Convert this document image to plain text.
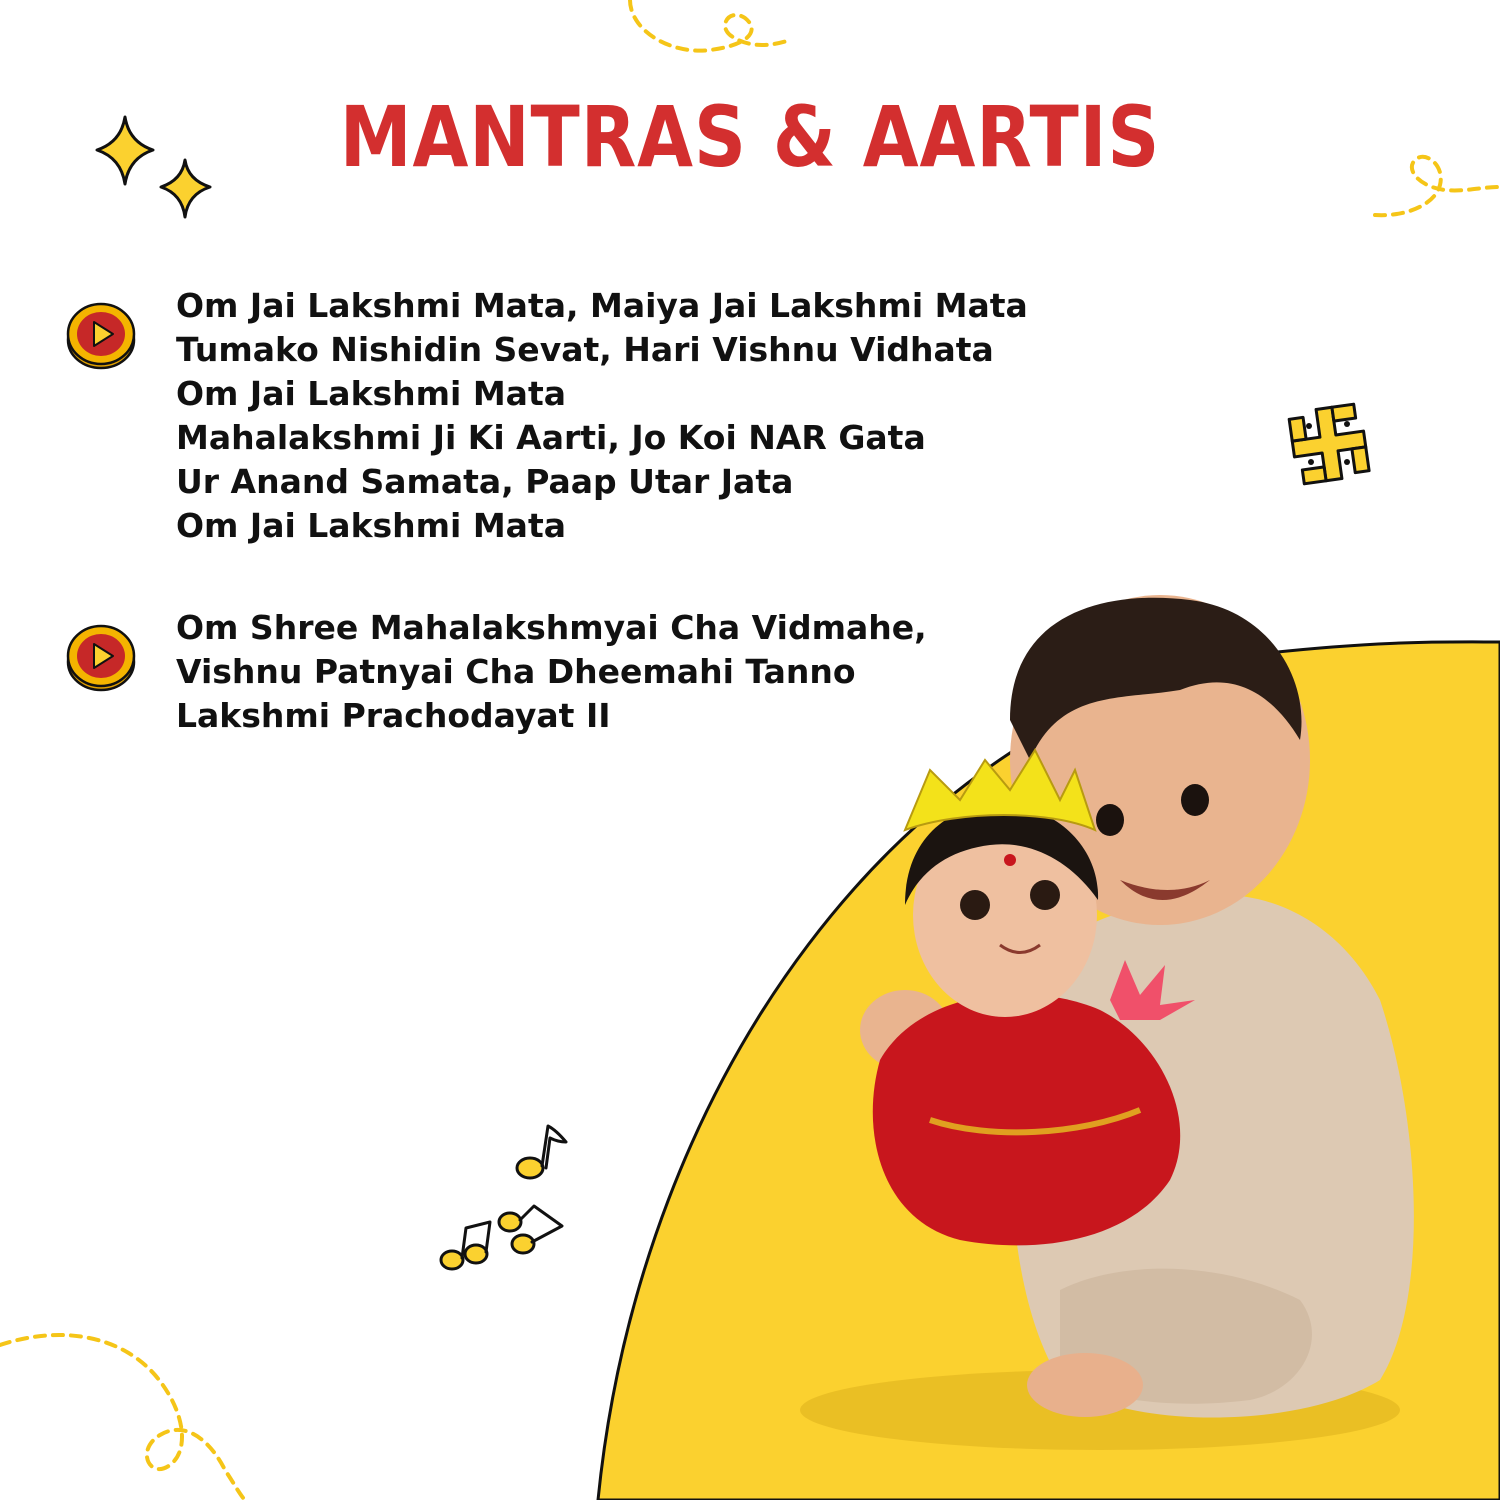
MANTRAS & AARTIS
Om Jai Lakshmi Mata, Maiya Jai Lakshmi Mata
Tumako Nishidin Sevat, Hari Vishnu Vidhata
Om Jai Lakshmi Mata
Mahalakshmi Ji Ki Aarti, Jo Koi NAR Gata
Ur Anand Samata, Paap Utar Jata
Om Jai Lakshmi Mata
Om Shree Mahalakshmyai Cha Vidmahe,
Vishnu Patnyai Cha Dheemahi Tanno
Lakshmi Prachodayat II
